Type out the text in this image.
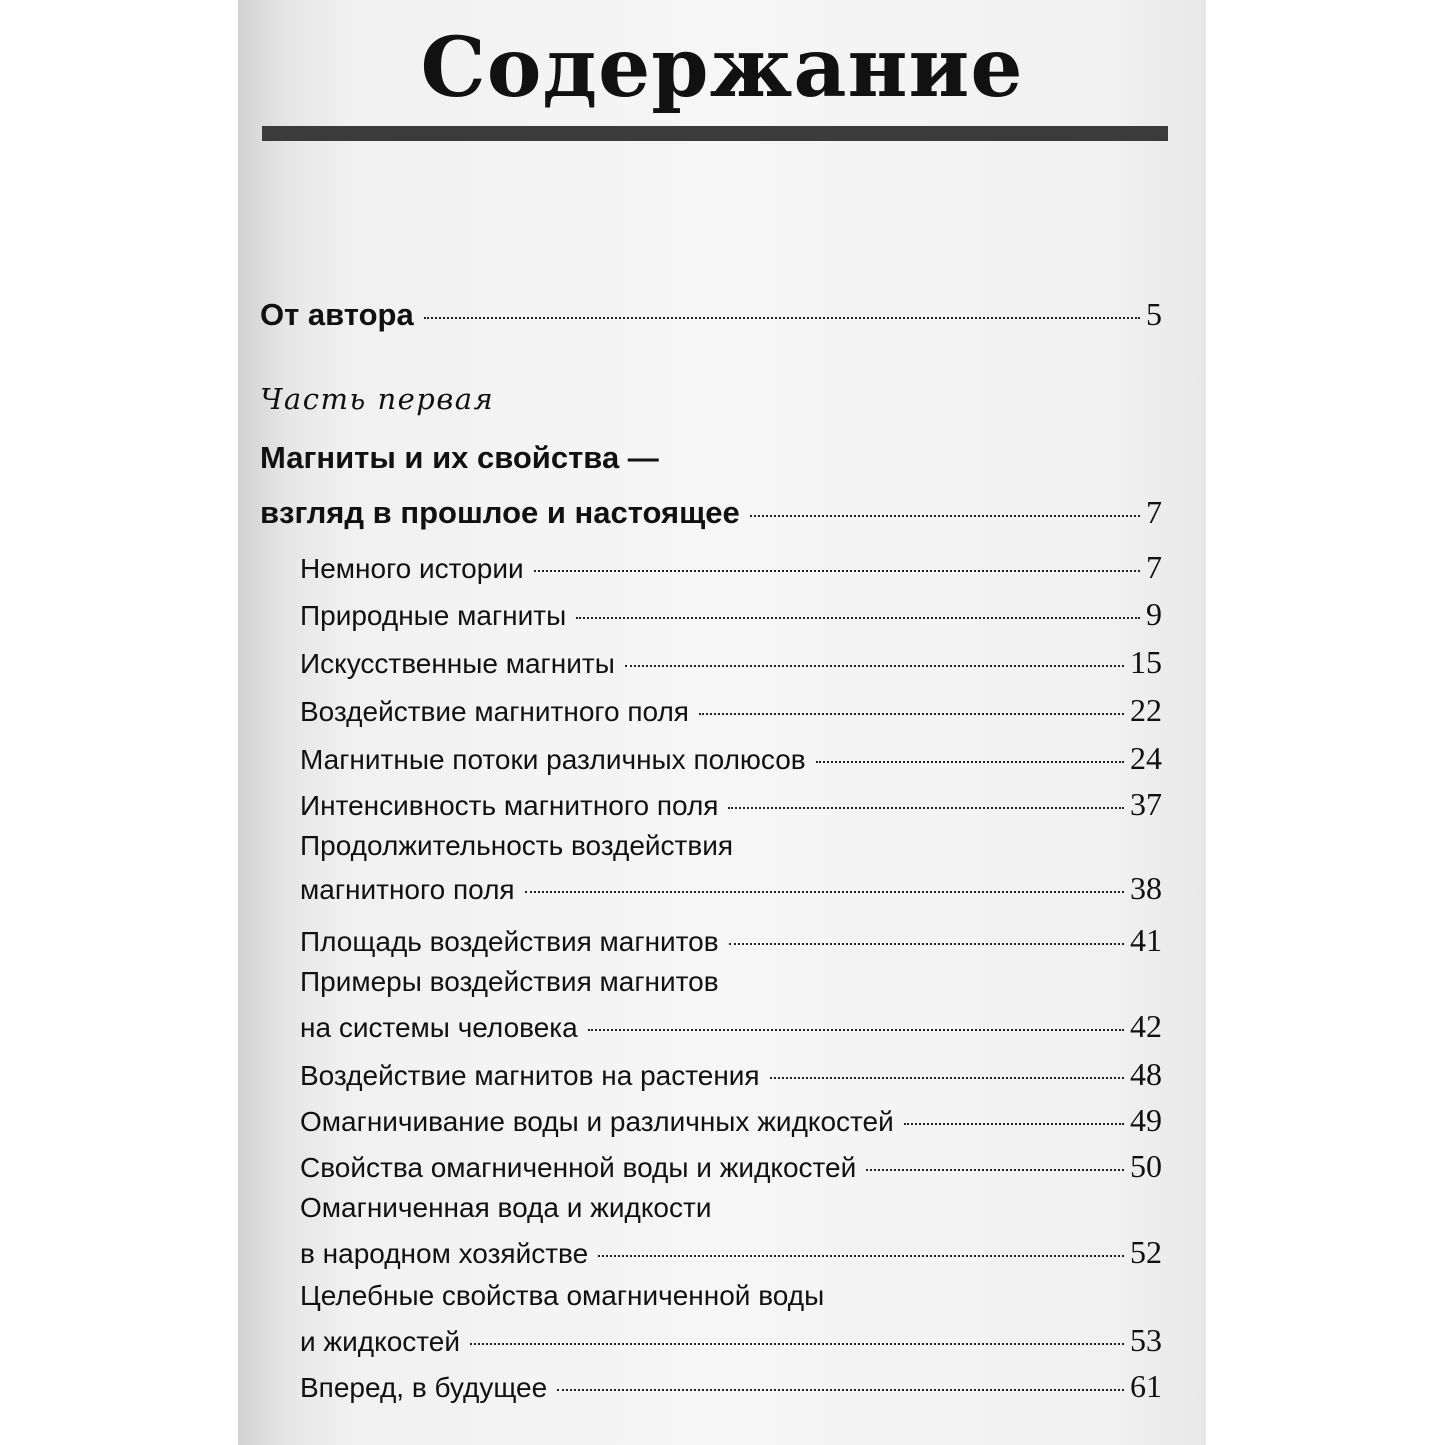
Содержание
От автора	5
Часть первая
Магниты и их свойства —
взгляд в прошлое и настоящее	7
Немного истории	7
Природные магниты	9
Искусственные магниты	15
Воздействие магнитного поля	22
Магнитные потоки различных полюсов	24
Интенсивность магнитного поля	37
Продолжительность воздействия
магнитного поля	38
Площадь воздействия магнитов	41
Примеры воздействия магнитов
на системы человека	42
Воздействие магнитов на растения	48
Омагничивание воды и различных жидкостей	49
Свойства омагниченной воды и жидкостей	50
Омагниченная вода и жидкости
в народном хозяйстве	52
Целебные свойства омагниченной воды
и жидкостей	53
Вперед, в будущее	61
